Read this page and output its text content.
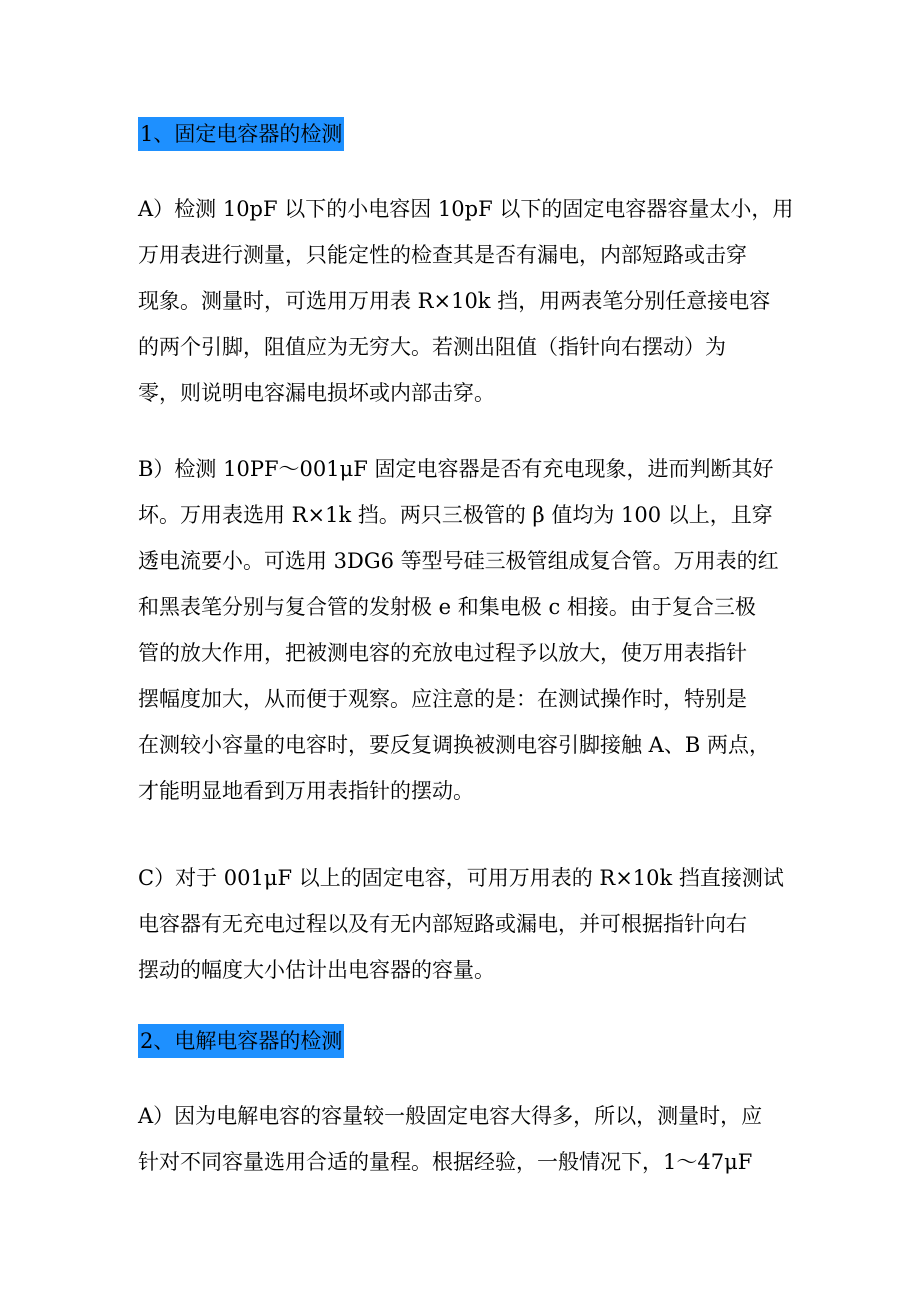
1、固定电容器的检测

A）检测 10pF 以下的小电容因 10pF 以下的固定电容器容量太小，用
万用表进行测量，只能定性的检查其是否有漏电，内部短路或击穿
现象。测量时，可选用万用表 R×10k 挡，用两表笔分别任意接电容
的两个引脚，阻值应为无穷大。若测出阻值（指针向右摆动）为
零，则说明电容漏电损坏或内部击穿。

B）检测 10PF～001μF 固定电容器是否有充电现象，进而判断其好
坏。万用表选用 R×1k 挡。两只三极管的 β 值均为 100 以上，且穿
透电流要小。可选用 3DG6 等型号硅三极管组成复合管。万用表的红
和黑表笔分别与复合管的发射极 e 和集电极 c 相接。由于复合三极
管的放大作用，把被测电容的充放电过程予以放大，使万用表指针
摆幅度加大，从而便于观察。应注意的是：在测试操作时，特别是
在测较小容量的电容时，要反复调换被测电容引脚接触 A、B 两点，
才能明显地看到万用表指针的摆动。

C）对于 001μF 以上的固定电容，可用万用表的 R×10k 挡直接测试
电容器有无充电过程以及有无内部短路或漏电，并可根据指针向右
摆动的幅度大小估计出电容器的容量。

2、电解电容器的检测

A）因为电解电容的容量较一般固定电容大得多，所以，测量时，应
针对不同容量选用合适的量程。根据经验，一般情况下，1～47μF
